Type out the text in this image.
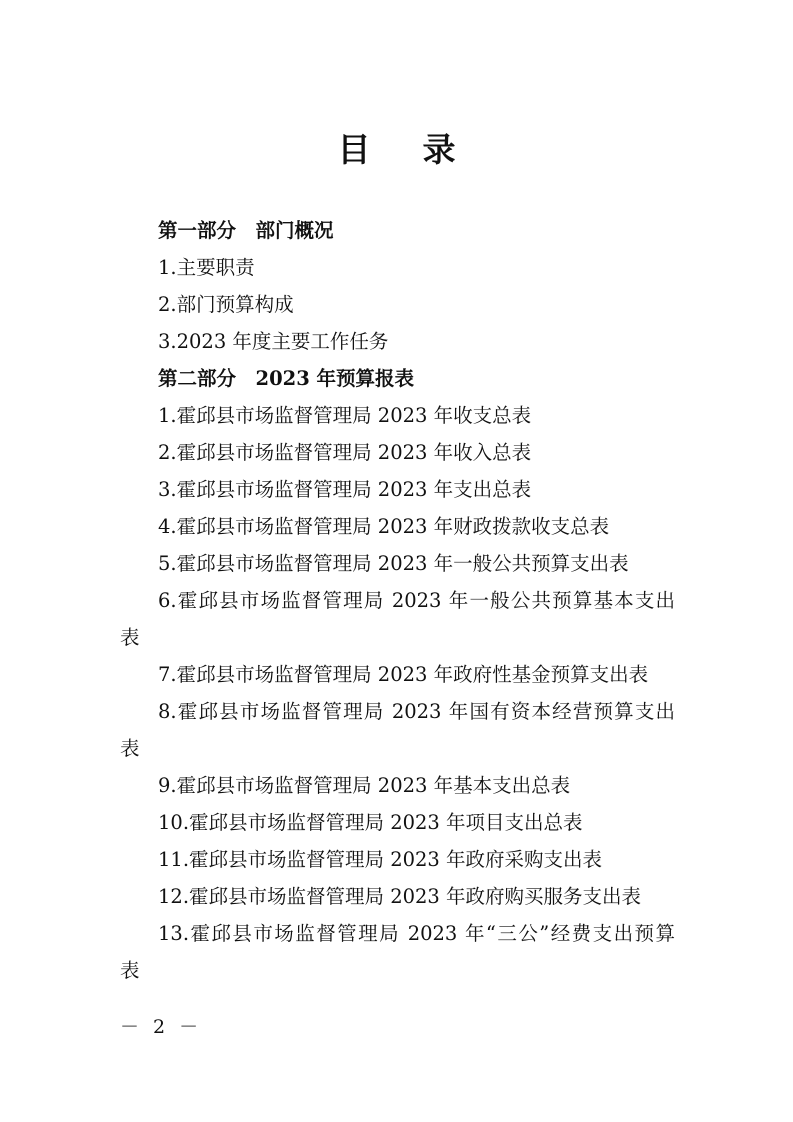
目录
第一部分　部门概况
1.主要职责
2.部门预算构成
3.2023 年度主要工作任务
第二部分　2023 年预算报表
1.霍邱县市场监督管理局 2023 年收支总表
2.霍邱县市场监督管理局 2023 年收入总表
3.霍邱县市场监督管理局 2023 年支出总表
4.霍邱县市场监督管理局 2023 年财政拨款收支总表
5.霍邱县市场监督管理局 2023 年一般公共预算支出表
6.霍邱县市场监督管理局 2023 年一般公共预算基本支出
表
7.霍邱县市场监督管理局 2023 年政府性基金预算支出表
8.霍邱县市场监督管理局 2023 年国有资本经营预算支出
表
9.霍邱县市场监督管理局 2023 年基本支出总表
10.霍邱县市场监督管理局 2023 年项目支出总表
11.霍邱县市场监督管理局 2023 年政府采购支出表
12.霍邱县市场监督管理局 2023 年政府购买服务支出表
13.霍邱县市场监督管理局 2023 年“三公”经费支出预算
表
－ 2 －
